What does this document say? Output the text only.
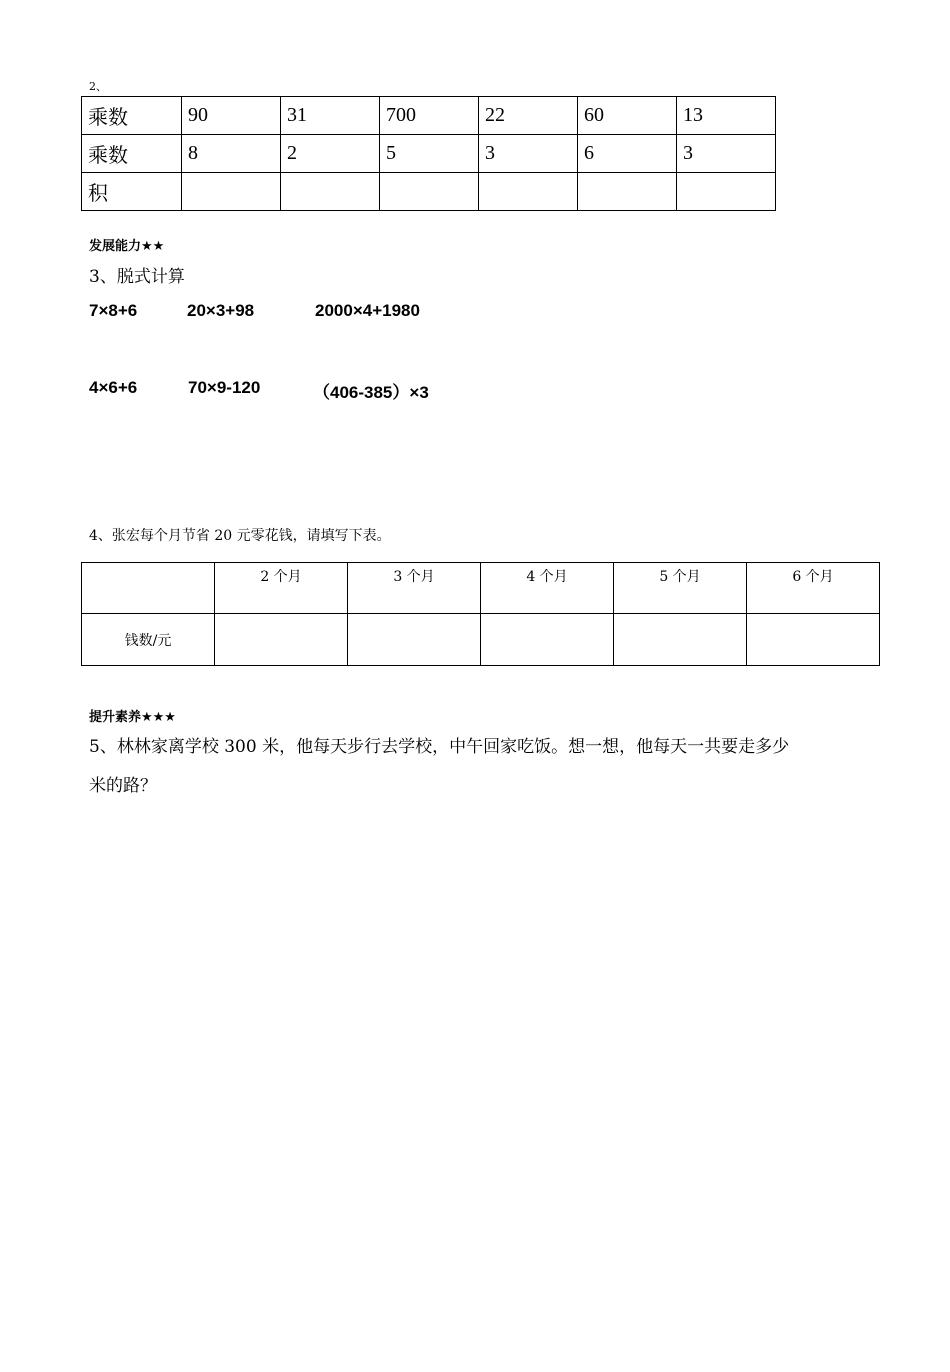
2、
乘数	90	31	700	22	60	13
乘数	8	2	5	3	6	3
积						
发展能力★★
3、脱式计算
7×8+6	20×3+98	2000×4+1980
4×6+6	70×9-120	（406-385）×3
4、张宏每个月节省 20 元零花钱，请填写下表。
	2 个月	3 个月	4 个月	5 个月	6 个月
钱数/元					
提升素养★★★
5、林林家离学校 300 米，他每天步行去学校，中午回家吃饭。想一想，他每天一共要走多少
米的路？
